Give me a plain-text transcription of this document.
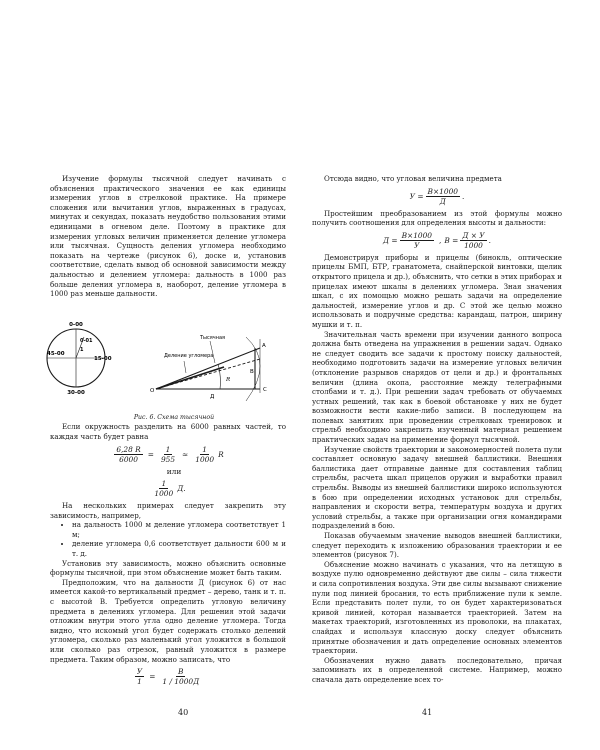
Изучение формулы тысячной следует начинать с объяснения практического значения ее как единицы измерения углов в стрелковой практике. На примере сложения или вычитания углов, выраженных в градусах, минутах и секундах, показать неудобство пользования этими единицами в огневом деле. Поэтому в практике для измерения угловых величин применяется деление угломера или тысячная. Сущность деления угломера необходимо показать на чертеже (рисунок 6), доске и, установив соответствие, сделать вывод об основной зависимости между дальностью и делением угломера: дальность в 1000 раз больше деления угломера в, наоборот, деление угломера в 1000 раз меньше дальности.

0-00
15-00
45-00
30-00
0-01
1
Деление угломера
Тысячная
А
В
С
Д
О
R

Рис. 6. Схема тысячной

Если окружность разделить на 6000 равных частей, то каждая часть будет равна

$\frac{6,28 R}{6000} = \frac{1}{955} \approx \frac{1}{1000}$ R

или

$\frac{1}{1000} Д$.

На нескольких примерах следует закрепить эту зависимость, например,

• на дальность 1000 м деление угломера соответствует 1 м;
• деление угломера 0,6 соответствует дальности 600 м и т. д.

Установив эту зависимость, можно объяснить основные формулы тысячной, при этом объяснение может быть таким.

Предположим, что на дальности Д (рисунок 6) от нас имеется какой-то вертикальный предмет – дерево, танк и т. п. с высотой В. Требуется определить угловую величину предмета в делениях угломера. Для решения этой задачи отложим внутри этого угла одно деление угломера. Тогда видно, что искомый угол будет содержать столько делений угломера, сколько раз маленький угол уложится в большой или сколько раз отрезок, равный уложится в размере предмета. Таким образом, можно записать, что

$\frac{У}{1} = \frac{В}{1 / 1000Д}$
40

Отсюда видно, что угловая величина предмета

$У = \frac{В\times 1000}{Д}$ .

Простейшим преобразованием из этой формулы можно получить соотношения для определения высоты и дальности:

$Д = \frac{В\times 1000}{У}$ , $В = \frac{Д \times У}{1000}$ .

Демонстрируя приборы и прицелы (бинокль, оптические прицелы БМП, БТР, гранатомета, снайперской винтовки, щелик открытого прицела и др.), объяснить, что сетки в этих приборах и прицелах имеют шкалы в делениях угломера. Зная значения шкал, с их помощью можно решать задачи на определение дальностей, измерение углов и др. С этой же целью можно использовать и подручные средства: карандаш, патрон, ширину мушки и т. п.

Значительная часть времени при изучении данного вопроса должна быть отведена на упражнения в решении задач. Однако не следует сводить все задачи к простому поиску дальностей, необходимо подготовить задачи на измерение угловых величин (отклонение разрывов снарядов от цели и др.) и фронтальных величин (длина окопа, расстояние между телеграфными столбами и т. д.). При решении задач требовать от обучаемых устных решений, так как в боевой обстановке у них не будет возможности вести какие-либо записи. В последующем на полевых занятиях при проведении стрелковых тренировок и стрельб необходимо закрепить изученный материал решением практических задач на применение формул тысячной.

Изучение свойств траектории и закономерностей полета пули составляет основную задачу внешней баллистики. Внешняя баллистика дает отправные данные для составления таблиц стрельбы, расчета шкал прицелов оружия и выработки правил стрельбы. Выводы из внешней баллистики широко используются в бою при определении исходных установок для стрельбы, направления и скорости ветра, температуры воздуха и других условий стрельбы, а также при организации огня командирами подразделений в бою.

Показав обучаемым значение выводов внешней баллистики, следует переходить к изложению образования траектории и ее элементов (рисунок 7).

Объяснение можно начинать с указания, что на летящую в воздухе пулю одновременно действуют две силы – сила тяжести и сила сопротивления воздуха. Эти две силы вызывают снижение пули под линией бросания, то есть приближение пули к земле. Если представить полет пули, то он будет характеризоваться кривой линией, которая называется траекторией. Затем на макетах траекторий, изготовленных из проволоки, на плакатах, слайдах и используя классную доску следует объяснить принятые обозначения и дать определение основных элементов траектории.

Обозначения нужно давать последовательно, причая запоминать их в определенной системе. Например, можно сначала дать определение всех то-

41
